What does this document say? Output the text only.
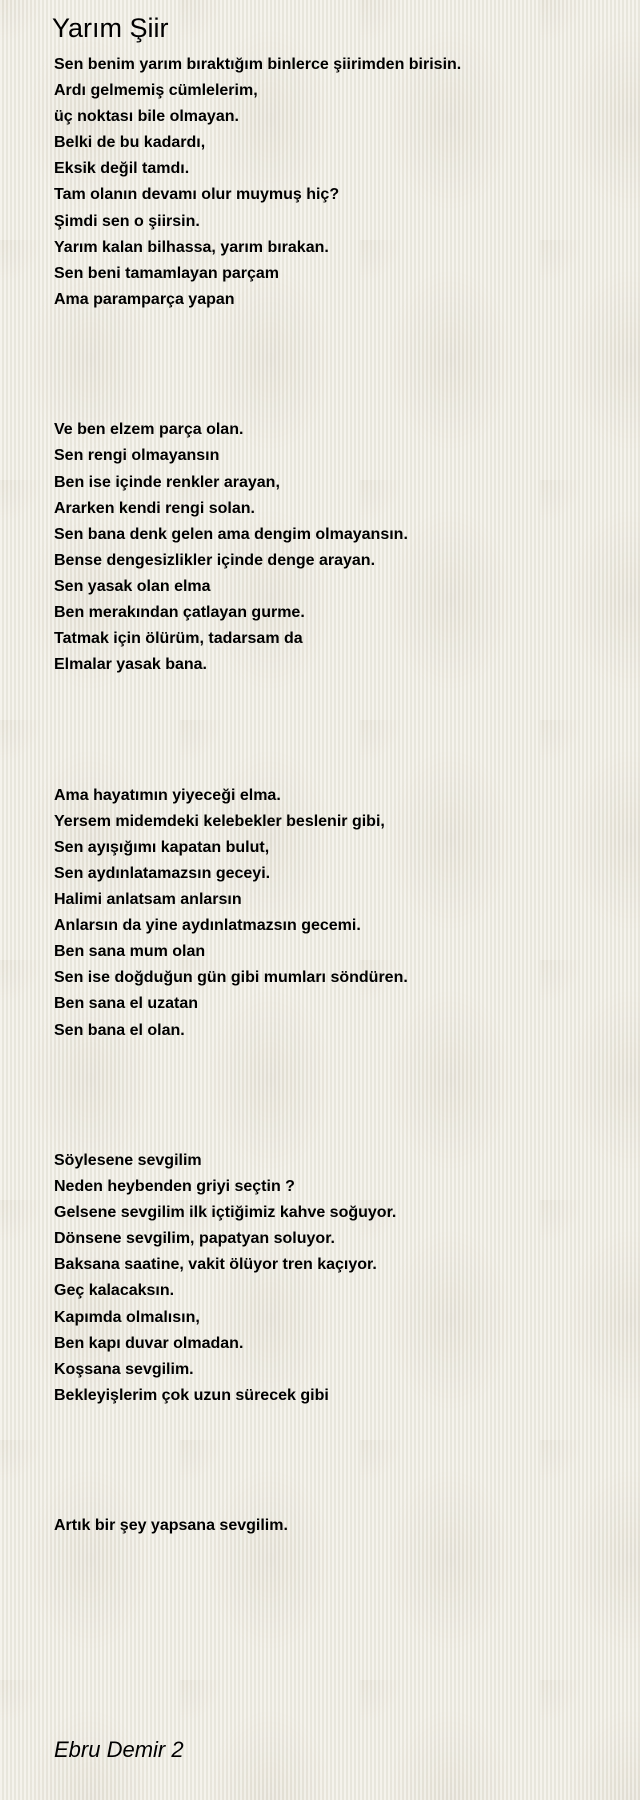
Yarım Şiir

Sen benim yarım bıraktığım binlerce şiirimden birisin.
Ardı gelmemiş cümlelerim,
üç noktası bile olmayan.
Belki de bu kadardı,
Eksik değil tamdı.
Tam olanın devamı olur muymuş hiç?
Şimdi sen o şiirsin.
Yarım kalan bilhassa, yarım bırakan.
Sen beni tamamlayan parçam
Ama paramparça yapan

Ve ben elzem parça olan.
Sen rengi olmayansın
Ben ise içinde renkler arayan,
Ararken kendi rengi solan.
Sen bana denk gelen ama dengim olmayansın.
Bense dengesizlikler içinde denge arayan.
Sen yasak olan elma
Ben merakından çatlayan gurme.
Tatmak için ölürüm, tadarsam da
Elmalar yasak bana.

Ama hayatımın yiyeceği elma.
Yersem midemdeki kelebekler beslenir gibi,
Sen ayışığımı kapatan bulut,
Sen aydınlatamazsın geceyi.
Halimi anlatsam anlarsın
Anlarsın da yine aydınlatmazsın gecemi.
Ben sana mum olan
Sen ise doğduğun gün gibi mumları söndüren.
Ben sana el uzatan
Sen bana el olan.

Söylesene sevgilim
Neden heybenden griyi seçtin ?
Gelsene sevgilim ilk içtiğimiz kahve soğuyor.
Dönsene sevgilim, papatyan soluyor.
Baksana saatine, vakit ölüyor tren kaçıyor.
Geç kalacaksın.
Kapımda olmalısın,
Ben kapı duvar olmadan.
Koşsana sevgilim.
Bekleyişlerim çok uzun sürecek gibi

Artık bir şey yapsana sevgilim.

Ebru Demir 2
